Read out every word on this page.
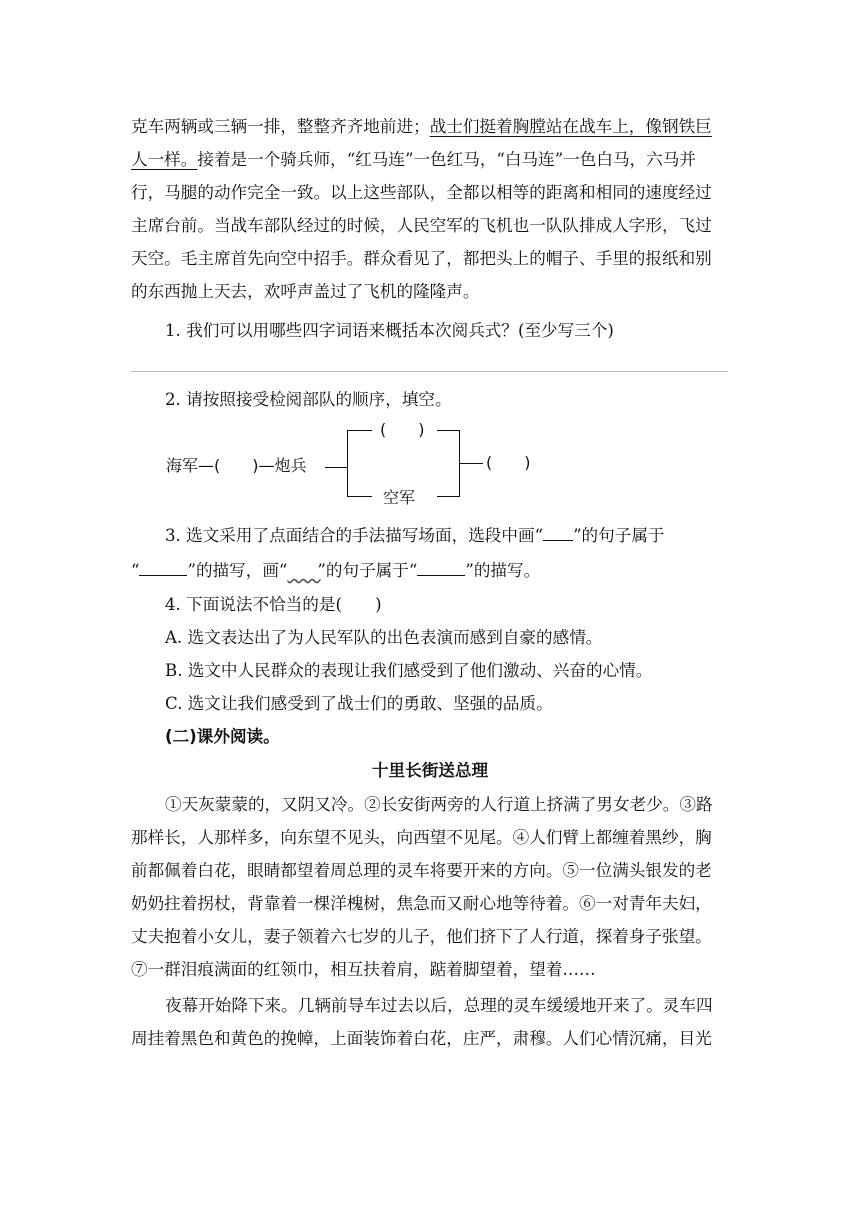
克车两辆或三辆一排，整整齐齐地前进；战士们挺着胸膛站在战车上，像钢铁巨
人一样。接着是一个骑兵师，“红马连”一色红马，“白马连”一色白马，六马并
行，马腿的动作完全一致。以上这些部队，全都以相等的距离和相同的速度经过
主席台前。当战车部队经过的时候，人民空军的飞机也一队队排成人字形，飞过
天空。毛主席首先向空中招手。群众看见了，都把头上的帽子、手里的报纸和别
的东西抛上天去，欢呼声盖过了飞机的隆隆声。
1. 我们可以用哪些四字词语来概括本次阅兵式？(至少写三个)
2. 请按照接受检阅部队的顺序，填空。
海军—(　　)—炮兵
(　　)
空军
(　　)
3. 选文采用了点面结合的手法描写场面，选段中画“ ”的句子属于
“	”的描写，画“   ”的句子属于“	”的描写。
4. 下面说法不恰当的是(　　)
A. 选文表达出了为人民军队的出色表演而感到自豪的感情。
B. 选文中人民群众的表现让我们感受到了他们激动、兴奋的心情。
C. 选文让我们感受到了战士们的勇敢、坚强的品质。
(二)课外阅读。
十里长街送总理
①天灰蒙蒙的，又阴又冷。②长安街两旁的人行道上挤满了男女老少。③路
那样长，人那样多，向东望不见头，向西望不见尾。④人们臂上都缠着黑纱，胸
前都佩着白花，眼睛都望着周总理的灵车将要开来的方向。⑤一位满头银发的老
奶奶拄着拐杖，背靠着一棵洋槐树，焦急而又耐心地等待着。⑥一对青年夫妇，
丈夫抱着小女儿，妻子领着六七岁的儿子，他们挤下了人行道，探着身子张望。
⑦一群泪痕满面的红领巾，相互扶着肩，踮着脚望着，望着……
夜幕开始降下来。几辆前导车过去以后，总理的灵车缓缓地开来了。灵车四
周挂着黑色和黄色的挽幛，上面装饰着白花，庄严，肃穆。人们心情沉痛，目光
